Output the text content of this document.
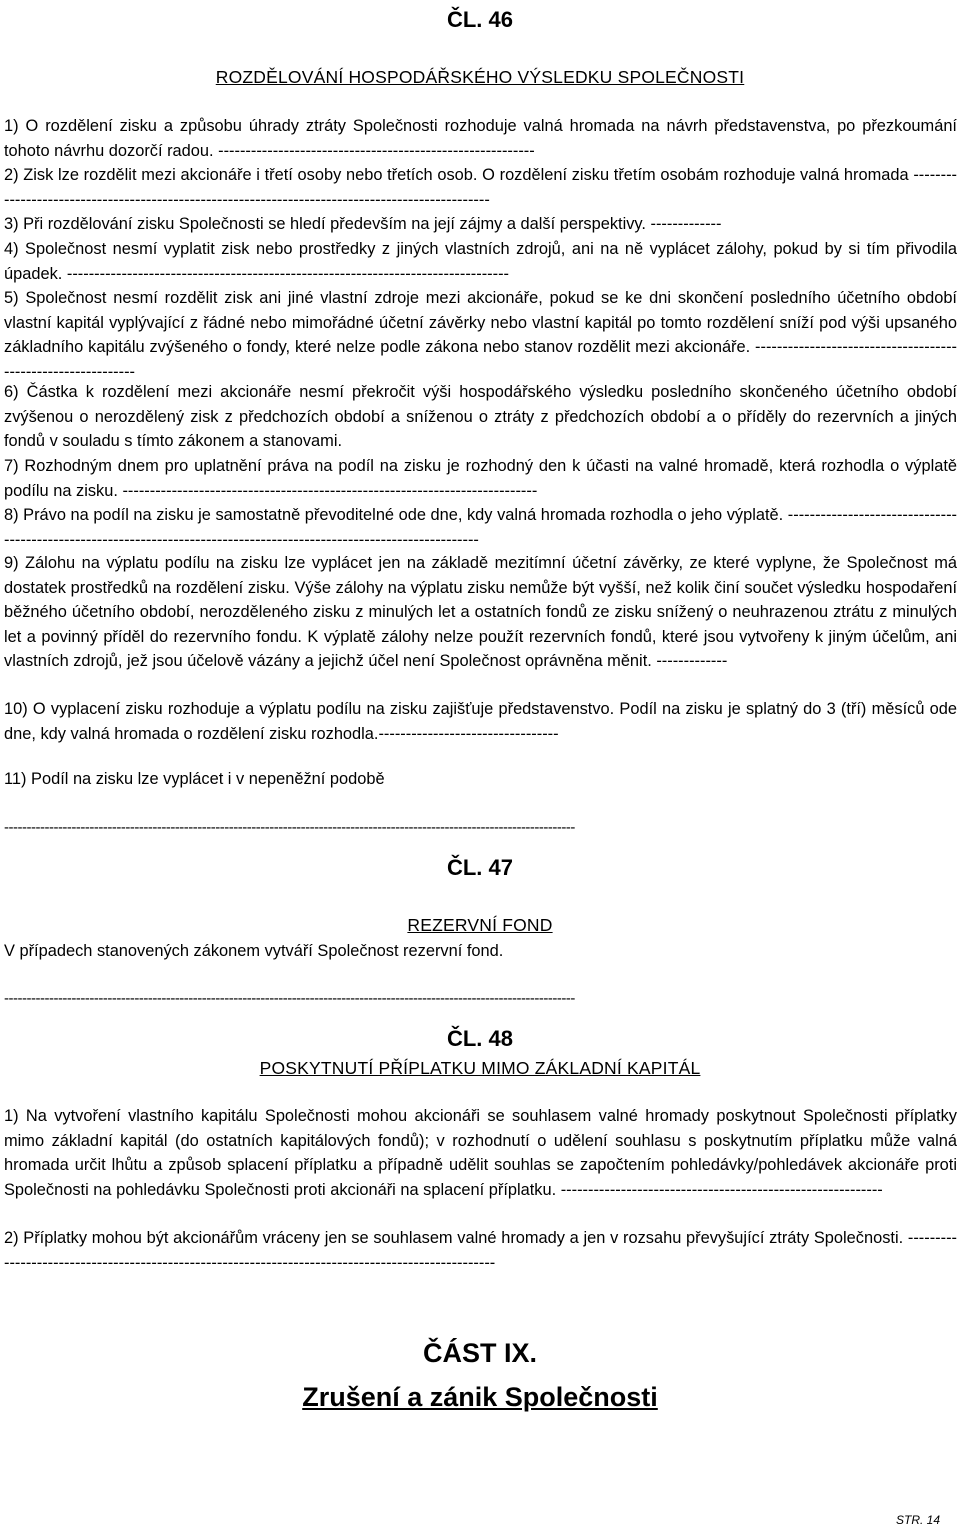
ČL. 46
ROZDĚLOVÁNÍ HOSPODÁŘSKÉHO VÝSLEDKU SPOLEČNOSTI
1) O rozdělení zisku a způsobu úhrady ztráty Společnosti rozhoduje valná hromada na návrh představenstva, po přezkoumání tohoto návrhu dozorčí radou. ----------------------------------------------------------
2) Zisk lze rozdělit mezi akcionáře i třetí osoby nebo třetích osob. O rozdělení zisku třetím osobám rozhoduje valná hromada -------------------------------------------------------------------------------------------------
3) Při rozdělování zisku Společnosti se hledí především na její zájmy a další perspektivy. -------------
4) Společnost nesmí vyplatit zisk nebo prostředky z jiných vlastních zdrojů, ani na ně vyplácet zálohy, pokud by si tím přivodila úpadek. ---------------------------------------------------------------------------------
5) Společnost nesmí rozdělit zisk ani jiné vlastní zdroje mezi akcionáře, pokud se ke dni skončení posledního účetního období vlastní kapitál vyplývající z řádné nebo mimořádné účetní závěrky nebo vlastní kapitál po tomto rozdělení sníží pod výši upsaného základního kapitálu zvýšeného o fondy, které nelze podle zákona nebo stanov rozdělit mezi akcionáře. -------------------------------------------------------------
6) Částka k rozdělení mezi akcionáře nesmí překročit výši hospodářského výsledku posledního skončeného účetního období zvýšenou o nerozdělený zisk z předchozích období a sníženou o ztráty z předchozích období a o příděly do rezervních a jiných fondů v souladu s tímto zákonem a stanovami.
7) Rozhodným dnem pro uplatnění práva na podíl na zisku je rozhodný den k účasti na valné hromadě, která rozhodla o výplatě podílu na zisku. ----------------------------------------------------------------------------
8) Právo na podíl na zisku je samostatně převoditelné ode dne, kdy valná hromada rozhodla o jeho výplatě. ----------------------------------------------------------------------------------------------------------------------
9) Zálohu na výplatu podílu na zisku lze vyplácet jen na základě mezitímní účetní závěrky, ze které vyplyne, že Společnost má dostatek prostředků na rozdělení zisku. Výše zálohy na výplatu zisku nemůže být vyšší, než kolik činí součet výsledku hospodaření běžného účetního období, nerozděleného zisku z minulých let a ostatních fondů ze zisku snížený o neuhrazenou ztrátu z minulých let a povinný příděl do rezervního fondu. K výplatě zálohy nelze použít rezervních fondů, které jsou vytvořeny k jiným účelům, ani vlastních zdrojů, jež jsou účelově vázány a jejichž účel není Společnost oprávněna měnit. -------------
10) O vyplacení zisku rozhoduje a výplatu podílu na zisku zajišťuje představenstvo. Podíl na zisku je splatný do 3 (tří) měsíců ode dne, kdy valná hromada o rozdělení zisku rozhodla.---------------------------------
11) Podíl na zisku lze vyplácet i v nepeněžní podobě
-------------------------------------------------------------------------------------------------------------------------------
ČL. 47
REZERVNÍ FOND
V případech stanovených zákonem vytváří Společnost rezervní fond.
-------------------------------------------------------------------------------------------------------------------------------
ČL. 48
POSKYTNUTÍ PŘÍPLATKU MIMO ZÁKLADNÍ KAPITÁL
1) Na vytvoření vlastního kapitálu Společnosti mohou akcionáři se souhlasem valné hromady poskytnout Společnosti příplatky mimo základní kapitál (do ostatních kapitálových fondů); v rozhodnutí o udělení souhlasu s poskytnutím příplatku může valná hromada určit lhůtu a způsob splacení příplatku a případně udělit souhlas se započtením pohledávky/pohledávek akcionáře proti Společnosti na pohledávku Společnosti proti akcionáři na splacení příplatku. -----------------------------------------------------------
2) Příplatky mohou být akcionářům vráceny jen se souhlasem valné hromady a jen v rozsahu převyšující ztráty Společnosti. ---------------------------------------------------------------------------------------------------
ČÁST IX.
Zrušení a zánik Společnosti
STR. 14
